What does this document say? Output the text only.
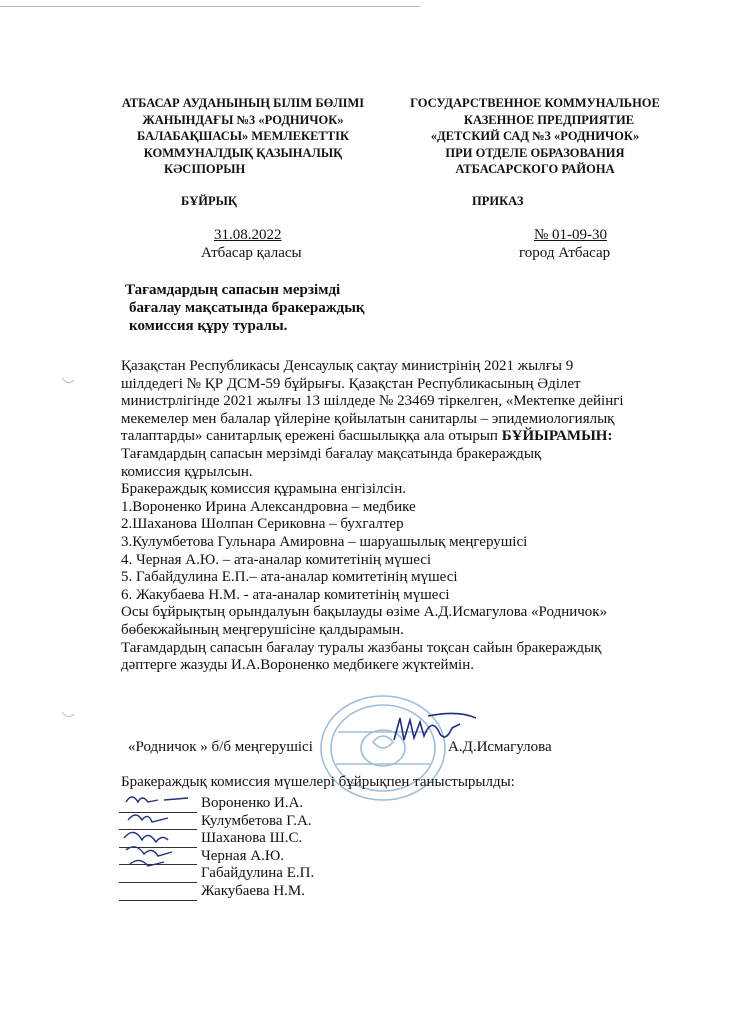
АТБАСАР АУДАНЫНЫҢ БІЛІМ БӨЛІМІ
ЖАНЫНДАҒЫ №3 «РОДНИЧОК»
БАЛАБАҚШАСЫ» МЕМЛЕКЕТТІК
КОММУНАЛДЫҚ ҚАЗЫНАЛЫҚ
КӘСІПОРЫН
ГОСУДАРСТВЕННОЕ КОММУНАЛЬНОЕ
КАЗЕННОЕ ПРЕДПРИЯТИЕ
«ДЕТСКИЙ САД №3 «РОДНИЧОК»
ПРИ ОТДЕЛЕ ОБРАЗОВАНИЯ
АТБАСАРСКОГО РАЙОНА
БҰЙРЫҚ	ПРИКАЗ
31.08.2022
Атбасар қаласы
№ 01-09-30
город Атбасар
Тағамдардың сапасын мерзімді
бағалау мақсатында бракераждық
комиссия құру туралы.
Қазақстан Республикасы Денсаулық сақтау министрінің 2021 жылғы 9
шілдедегі № ҚР ДСМ-59 бұйрығы. Қазақстан Республикасының Әділет
министрлігінде 2021 жылғы 13 шілдеде № 23469 тіркелген, «Мектепке дейінгі
мекемелер мен балалар үйлеріне қойылатын санитарлы – эпидемиологиялық
талаптарды» санитарлық ережені басшылыққа ала отырып БҰЙЫРАМЫН:
Тағамдардың сапасын мерзімді бағалау мақсатында бракераждық
комиссия құрылсын.
Бракераждық комиссия құрамына енгізілсін.
1.Вороненко Ирина Александровна – медбике
2.Шаханова Шолпан Сериковна – бухгалтер
3.Кулумбетова Гульнара Амировна – шаруашылық меңгерушісі
4. Черная А.Ю. – ата-аналар комитетінің мүшесі
5. Габайдулина Е.П.– ата-аналар комитетінің мүшесі
6. Жакубаева Н.М. - ата-аналар комитетінің мүшесі
Осы бұйрықтың орындалуын бақылауды өзіме А.Д.Исмагулова «Родничок»
бөбекжайының меңгерушісіне қалдырамын.
Тағамдардың сапасын бағалау туралы жазбаны тоқсан сайын бракераждық
дәптерге жазуды И.А.Вороненко медбикеге жүктеймін.
«Родничок » б/б меңгерушісі	А.Д.Исмагулова
Бракераждық комиссия мүшелері бұйрықпен таныстырылды:
Вороненко И.А.
Кулумбетова Г.А.
Шаханова Ш.С.
Черная А.Ю.
Габайдулина Е.П.
Жакубаева Н.М.
